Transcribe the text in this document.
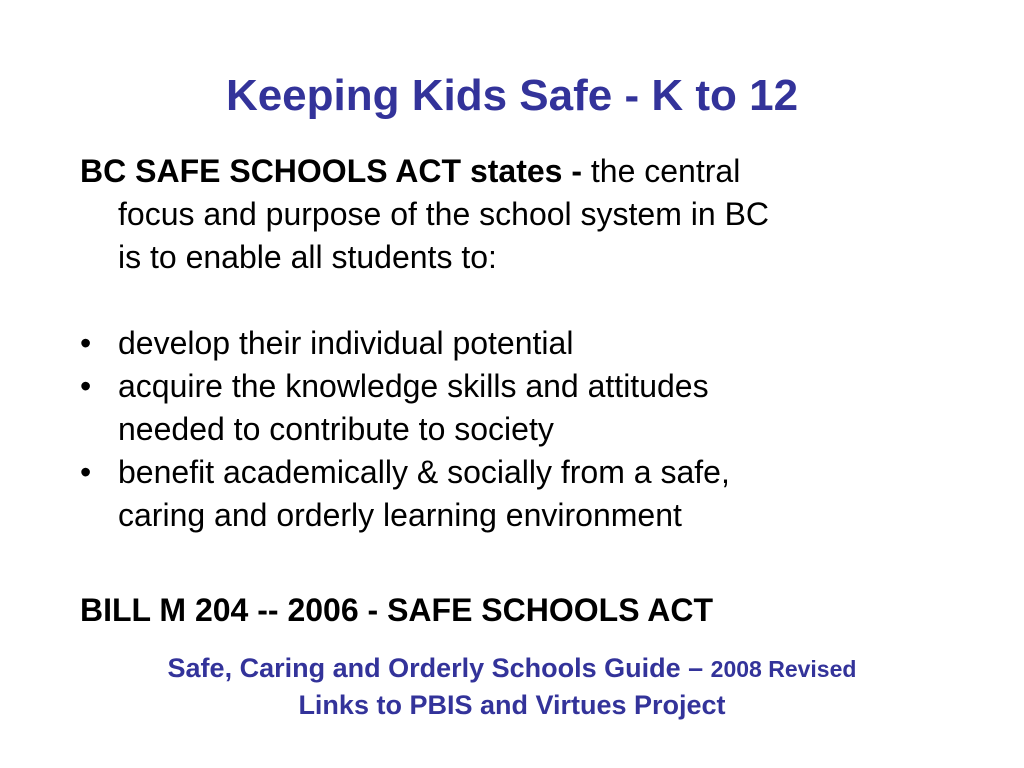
Keeping Kids Safe - K to 12
BC SAFE SCHOOLS ACT states - the central
focus and purpose of the school system in BC
is to enable all students to:
• develop their individual potential
• acquire the knowledge skills and attitudes
needed to contribute to society
• benefit academically & socially from a safe,
caring and orderly learning environment
BILL M 204 -- 2006 - SAFE SCHOOLS ACT
Safe, Caring and Orderly Schools Guide – 2008 Revised
Links to PBIS and Virtues Project
